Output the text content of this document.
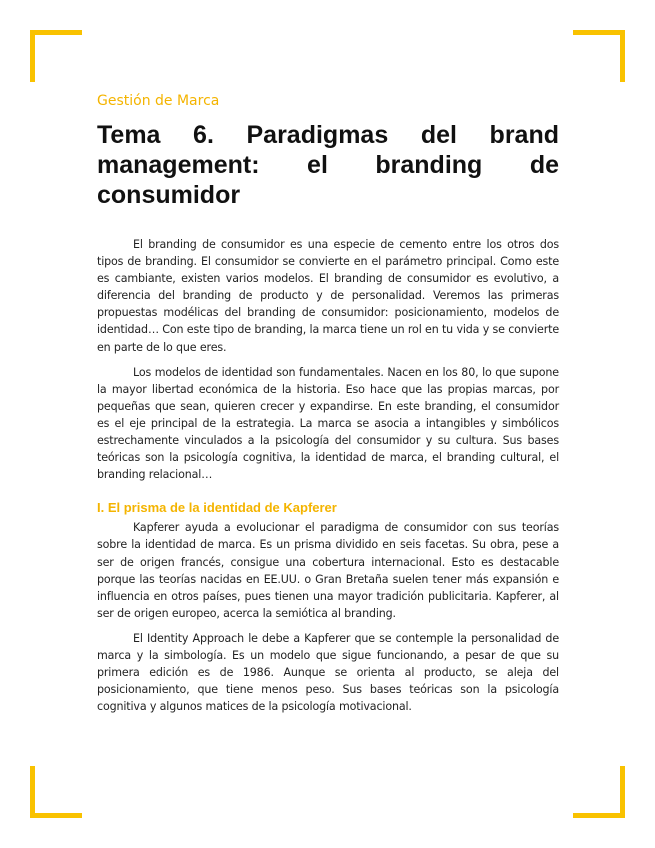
Gestión de Marca
Tema 6. Paradigmas del brand management: el branding de consumidor

El branding de consumidor es una especie de cemento entre los otros dos tipos de branding. El consumidor se convierte en el parámetro principal. Como este es cambiante, existen varios modelos. El branding de consumidor es evolutivo, a diferencia del branding de producto y de personalidad. Veremos las primeras propuestas modélicas del branding de consumidor: posicionamiento, modelos de identidad… Con este tipo de branding, la marca tiene un rol en tu vida y se convierte en parte de lo que eres.

Los modelos de identidad son fundamentales. Nacen en los 80, lo que supone la mayor libertad económica de la historia. Eso hace que las propias marcas, por pequeñas que sean, quieren crecer y expandirse. En este branding, el consumidor es el eje principal de la estrategia. La marca se asocia a intangibles y simbólicos estrechamente vinculados a la psicología del consumidor y su cultura. Sus bases teóricas son la psicología cognitiva, la identidad de marca, el branding cultural, el branding relacional…

I. El prisma de la identidad de Kapferer

Kapferer ayuda a evolucionar el paradigma de consumidor con sus teorías sobre la identidad de marca. Es un prisma dividido en seis facetas. Su obra, pese a ser de origen francés, consigue una cobertura internacional. Esto es destacable porque las teorías nacidas en EE.UU. o Gran Bretaña suelen tener más expansión e influencia en otros países, pues tienen una mayor tradición publicitaria. Kapferer, al ser de origen europeo, acerca la semiótica al branding.

El Identity Approach le debe a Kapferer que se contemple la personalidad de marca y la simbología. Es un modelo que sigue funcionando, a pesar de que su primera edición es de 1986. Aunque se orienta al producto, se aleja del posicionamiento, que tiene menos peso. Sus bases teóricas son la psicología cognitiva y algunos matices de la psicología motivacional.
